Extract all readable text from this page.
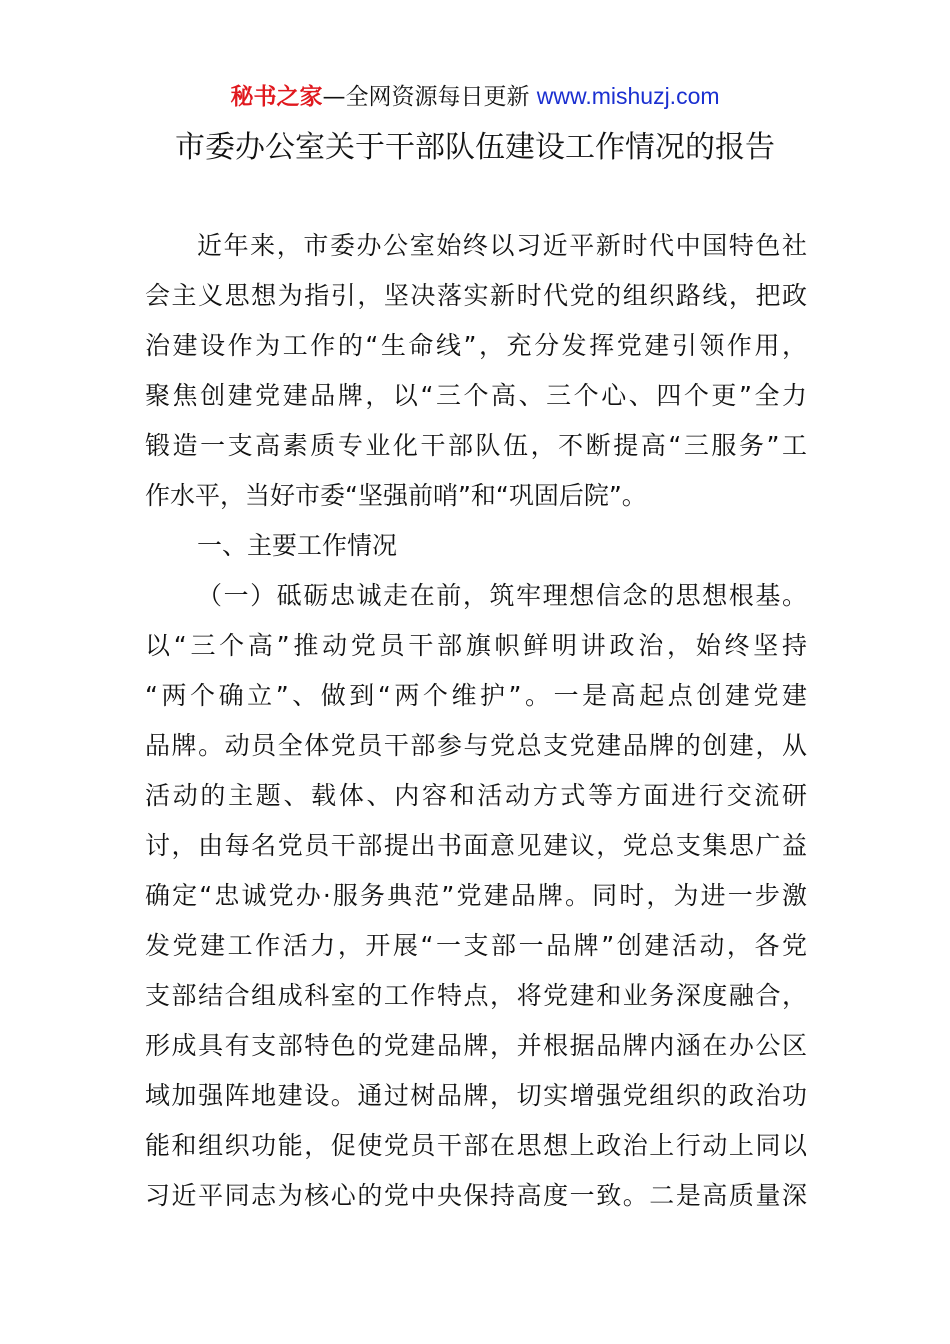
秘书之家—全网资源每日更新 www.mishuzj.com
市委办公室关于干部队伍建设工作情况的报告
近年来，市委办公室始终以习近平新时代中国特色社
会主义思想为指引，坚决落实新时代党的组织路线，把政
治建设作为工作的“生命线”，充分发挥党建引领作用，
聚焦创建党建品牌，以“三个高、三个心、四个更”全力
锻造一支高素质专业化干部队伍，不断提高“三服务”工
作水平，当好市委“坚强前哨”和“巩固后院”。
一、主要工作情况
（一）砥砺忠诚走在前，筑牢理想信念的思想根基。
以“三个高”推动党员干部旗帜鲜明讲政治，始终坚持
“两个确立”、做到“两个维护”。一是高起点创建党建
品牌。动员全体党员干部参与党总支党建品牌的创建，从
活动的主题、载体、内容和活动方式等方面进行交流研
讨，由每名党员干部提出书面意见建议，党总支集思广益
确定“忠诚党办·服务典范”党建品牌。同时，为进一步激
发党建工作活力，开展“一支部一品牌”创建活动，各党
支部结合组成科室的工作特点，将党建和业务深度融合，
形成具有支部特色的党建品牌，并根据品牌内涵在办公区
域加强阵地建设。通过树品牌，切实增强党组织的政治功
能和组织功能，促使党员干部在思想上政治上行动上同以
习近平同志为核心的党中央保持高度一致。二是高质量深
